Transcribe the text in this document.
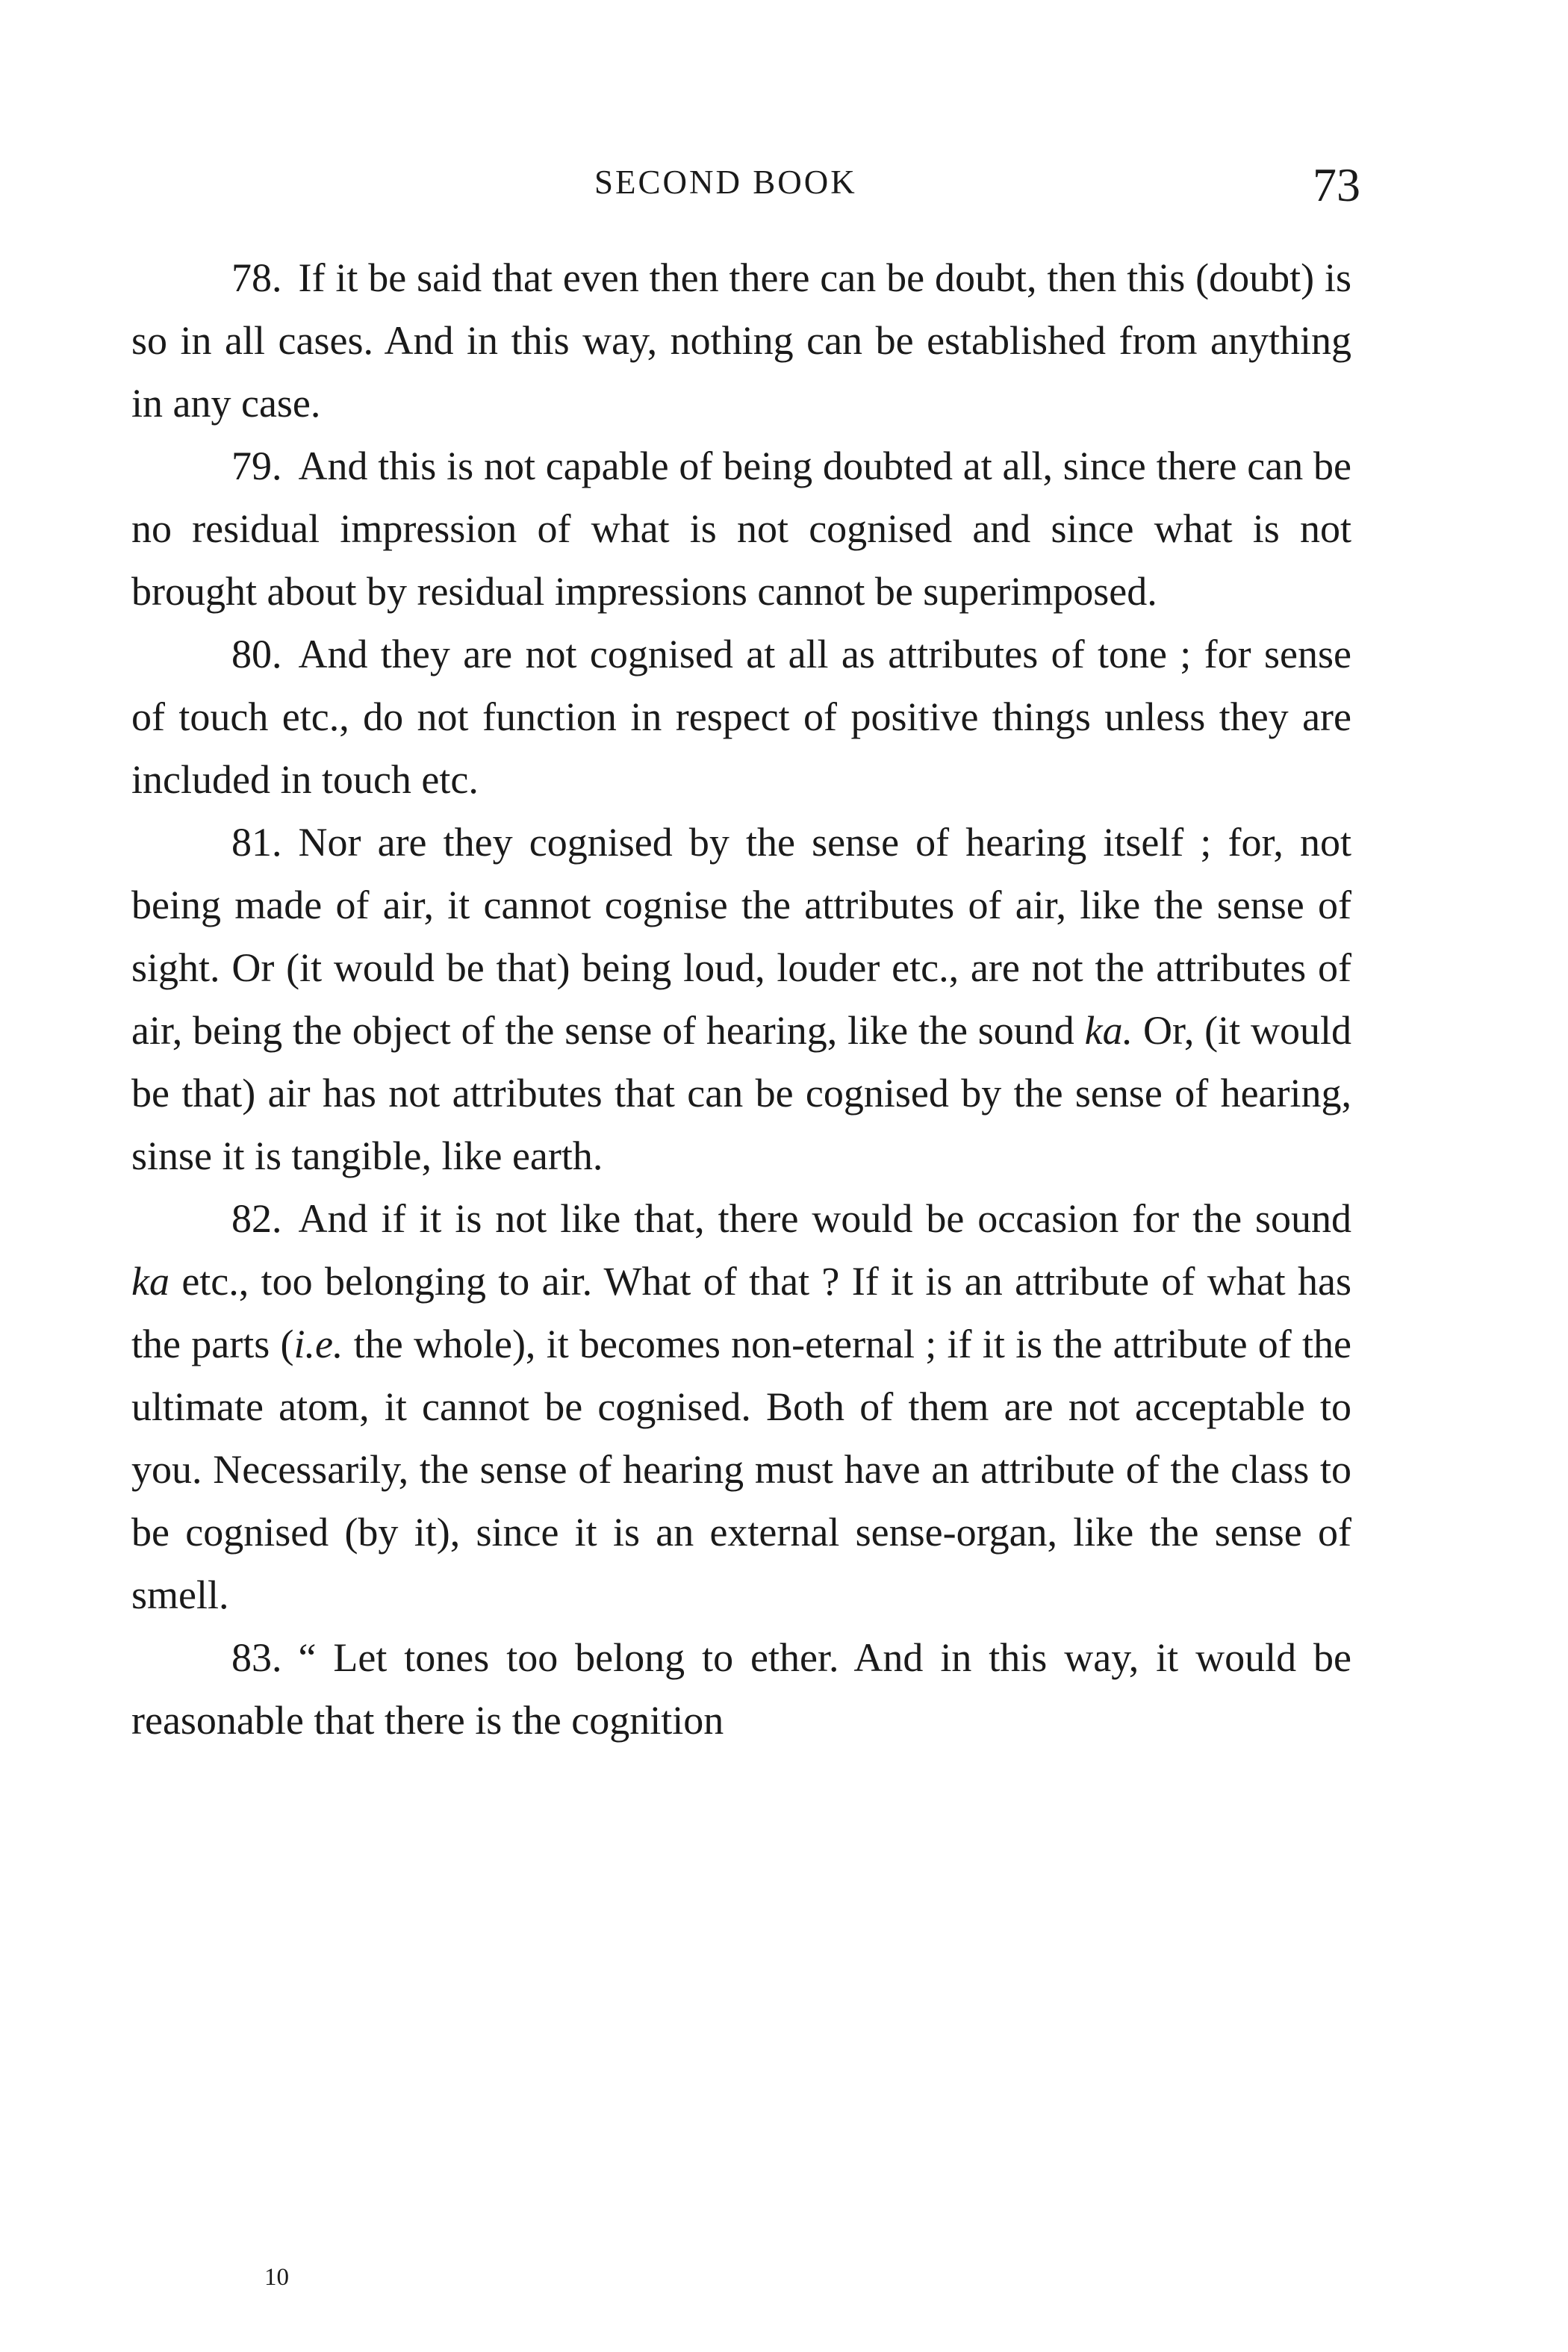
SECOND BOOK	73

78. If it be said that even then there can be doubt, then this (doubt) is so in all cases. And in this way, nothing can be established from anything in any case.

79. And this is not capable of being doubted at all, since there can be no residual impression of what is not cognised and since what is not brought about by residual impressions cannot be superimposed.

80. And they are not cognised at all as attributes of tone ; for sense of touch etc., do not function in respect of positive things unless they are included in touch etc.

81. Nor are they cognised by the sense of hearing itself ; for, not being made of air, it cannot cognise the attributes of air, like the sense of sight. Or (it would be that) being loud, louder etc., are not the attributes of air, being the object of the sense of hearing, like the sound ka. Or, (it would be that) air has not attributes that can be cognised by the sense of hearing, sinse it is tangible, like earth.

82. And if it is not like that, there would be occasion for the sound ka etc., too belonging to air. What of that ? If it is an attribute of what has the parts (i.e. the whole), it becomes non-eternal ; if it is the attribute of the ultimate atom, it cannot be cognised. Both of them are not acceptable to you. Necessarily, the sense of hearing must have an attribute of the class to be cognised (by it), since it is an external sense-organ, like the sense of smell.

83. “ Let tones too belong to ether. And in this way, it would be reasonable that there is the cognition

10
